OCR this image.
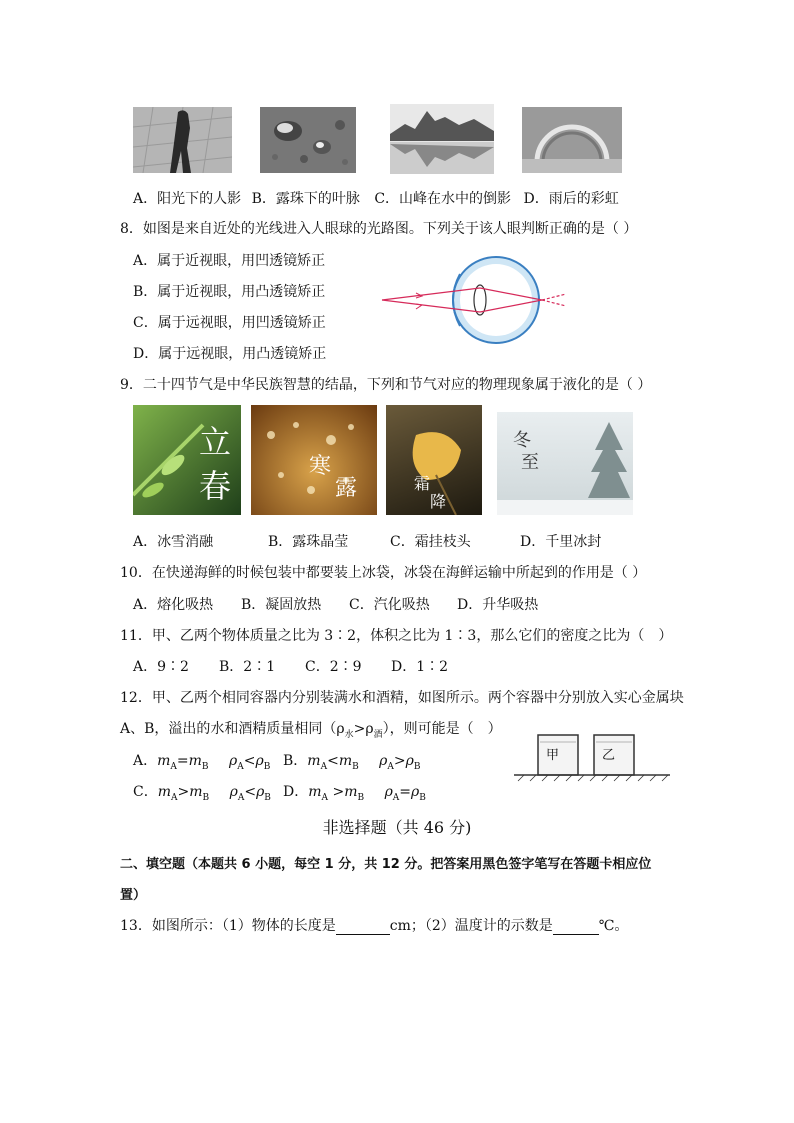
A．阳光下的人影 B．露珠下的叶脉 C．山峰在水中的倒影 D．雨后的彩虹
8．如图是来自近处的光线进入人眼球的光路图。下列关于该人眼判断正确的是（ ）
A．属于近视眼，用凹透镜矫正
B．属于近视眼，用凸透镜矫正
C．属于远视眼，用凹透镜矫正
D．属于远视眼，用凸透镜矫正
9．二十四节气是中华民族智慧的结晶，下列和节气对应的物理现象属于液化的是（ ）
立
春
寒
露	霜
降
冬
至
A．冰雪消融	B．露珠晶莹	C．霜挂枝头	D．千里冰封
10．在快递海鲜的时候包装中都要装上冰袋，冰袋在海鲜运输中所起到的作用是（ ）
A．熔化吸热 B．凝固放热 C．汽化吸热 D．升华吸热
11．甲、乙两个物体质量之比为 3∶2，体积之比为 1∶3，那么它们的密度之比为（　）
A．9∶2 B．2∶1 C．2∶9 D．1∶2
12．甲、乙两个相同容器内分别装满水和酒精，如图所示。两个容器中分别放入实心金属块
A、B，溢出的水和酒精质量相同$(\rho_水>\rho_酒)$，则可能是（　）
A．$m_A=m_B$ $\rho_A<\rho_B$ B．$m_A<m_B$ $\rho_A>\rho_B$
C．$m_A>m_B$ $\rho_A<\rho_B$ D．$m_A >m_B$ $\rho_A=\rho_B$
甲	乙
非选择题（共 46 分)
二、填空题（本题共 6 小题，每空 1 分，共 12 分。把答案用黑色签字笔写在答题卡相应位
置）
13．如图所示：（1）物体的长度是	cm；（2）温度计的示数是	℃。
